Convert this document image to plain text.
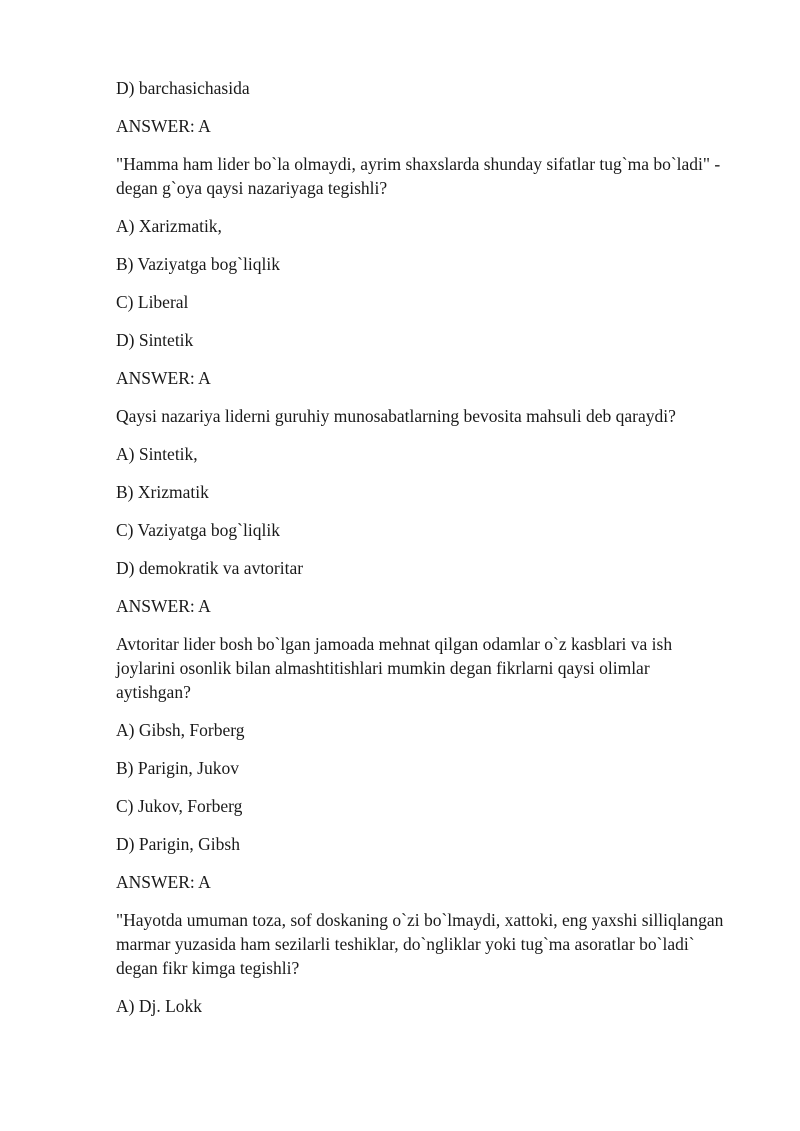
D) barchasichasida

ANSWER: A

"Hamma ham lider bo`la olmaydi, ayrim shaxslarda shunday sifatlar tug`ma bo`ladi" - degan g`oya qaysi nazariyaga tegishli?

A) Xarizmatik,

B) Vaziyatga bog`liqlik

C) Liberal

D) Sintetik

ANSWER: A

Qaysi nazariya liderni guruhiy munosabatlarning bevosita mahsuli deb qaraydi?

A) Sintetik,

B) Xrizmatik

C) Vaziyatga bog`liqlik

D) demokratik va avtoritar

ANSWER: A

Avtoritar lider bosh bo`lgan jamoada mehnat qilgan odamlar o`z kasblari va ish joylarini osonlik bilan almashtitishlari mumkin degan fikrlarni qaysi olimlar aytishgan?

A) Gibsh, Forberg

B) Parigin, Jukov

C) Jukov, Forberg

D) Parigin, Gibsh

ANSWER: A

"Hayotda umuman toza, sof doskaning o`zi bo`lmaydi, xattoki, eng yaxshi silliqlangan marmar yuzasida ham sezilarli teshiklar, do`ngliklar yoki tug`ma asoratlar bo`ladi` degan fikr kimga tegishli?

A) Dj. Lokk
